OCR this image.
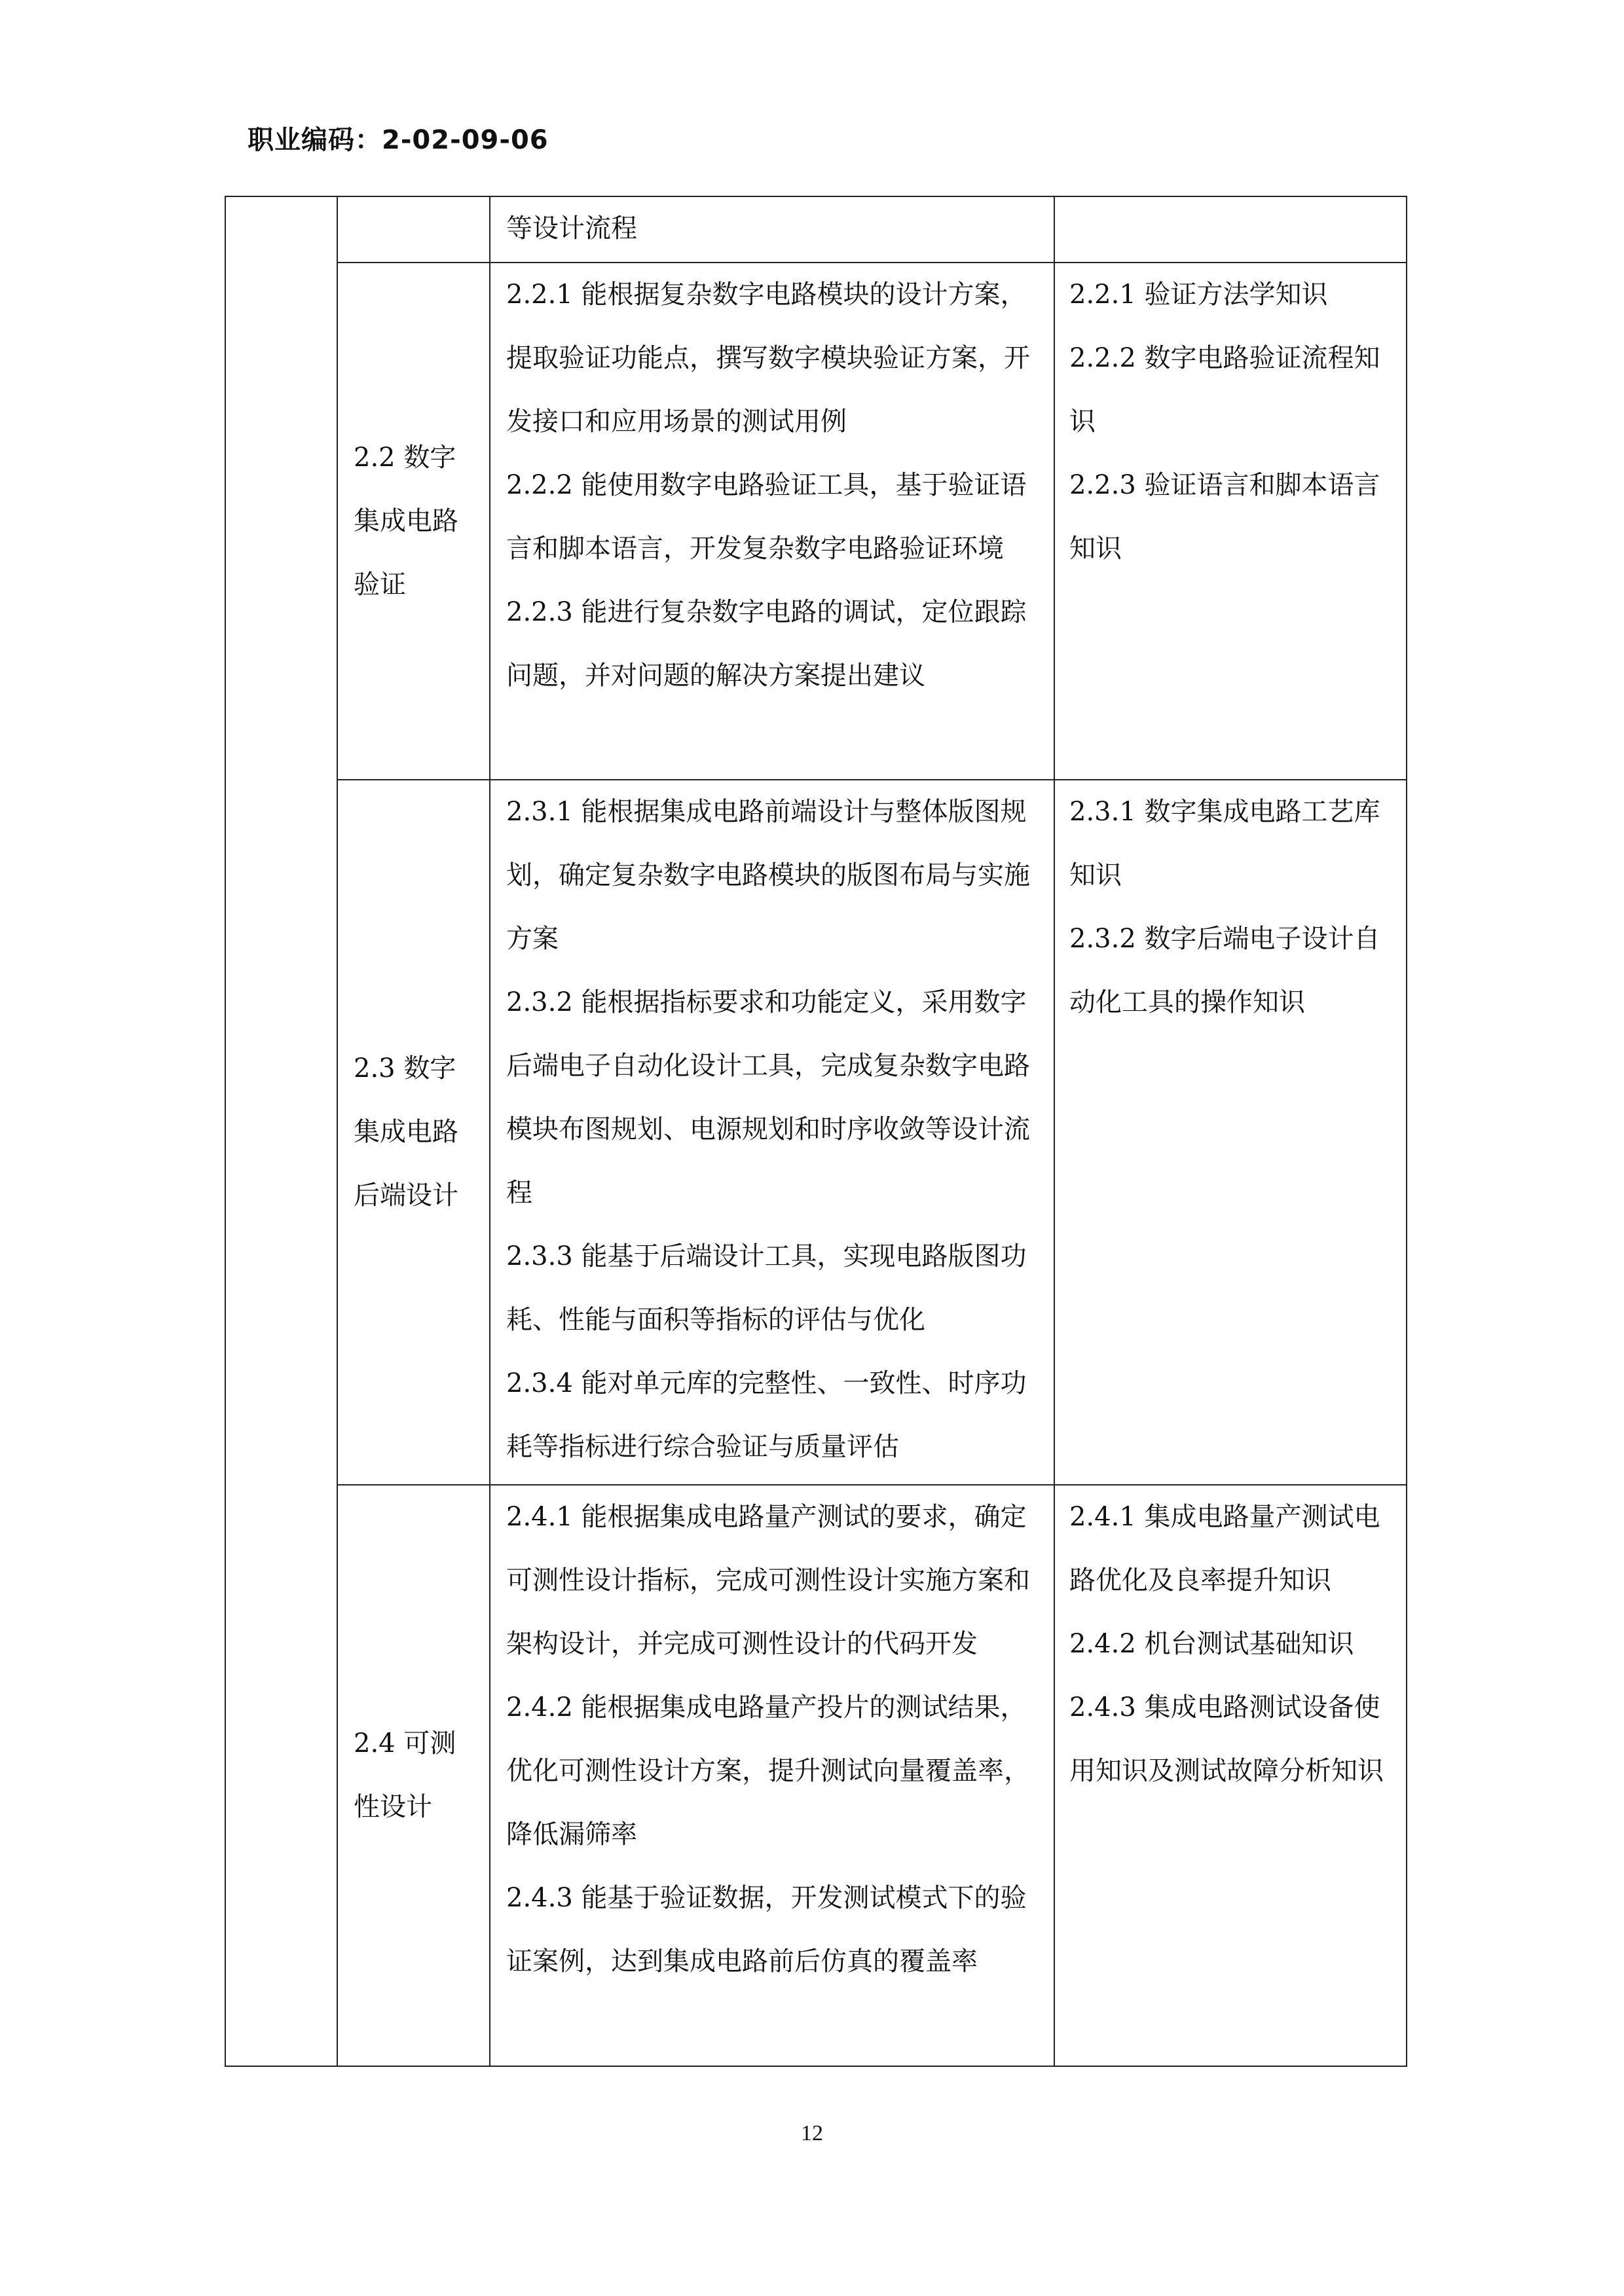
职业编码：2-02-09-06

		等设计流程	

	2.2 数字集成电路验证	2.2.1 能根据复杂数字电路模块的设计方案，提取验证功能点，撰写数字模块验证方案，开发接口和应用场景的测试用例
2.2.2 能使用数字电路验证工具，基于验证语言和脚本语言，开发复杂数字电路验证环境
2.2.3 能进行复杂数字电路的调试，定位跟踪问题，并对问题的解决方案提出建议	2.2.1 验证方法学知识
2.2.2 数字电路验证流程知识
2.2.3 验证语言和脚本语言知识

	2.3 数字集成电路后端设计	2.3.1 能根据集成电路前端设计与整体版图规划，确定复杂数字电路模块的版图布局与实施方案
2.3.2 能根据指标要求和功能定义，采用数字后端电子自动化设计工具，完成复杂数字电路模块布图规划、电源规划和时序收敛等设计流程
2.3.3 能基于后端设计工具，实现电路版图功耗、性能与面积等指标的评估与优化
2.3.4 能对单元库的完整性、一致性、时序功耗等指标进行综合验证与质量评估	2.3.1 数字集成电路工艺库知识
2.3.2 数字后端电子设计自动化工具的操作知识

	2.4 可测性设计	2.4.1 能根据集成电路量产测试的要求，确定可测性设计指标，完成可测性设计实施方案和架构设计，并完成可测性设计的代码开发
2.4.2 能根据集成电路量产投片的测试结果，优化可测性设计方案，提升测试向量覆盖率，降低漏筛率
2.4.3 能基于验证数据，开发测试模式下的验证案例，达到集成电路前后仿真的覆盖率	2.4.1 集成电路量产测试电路优化及良率提升知识
2.4.2 机台测试基础知识
2.4.3 集成电路测试设备使用知识及测试故障分析知识
12
